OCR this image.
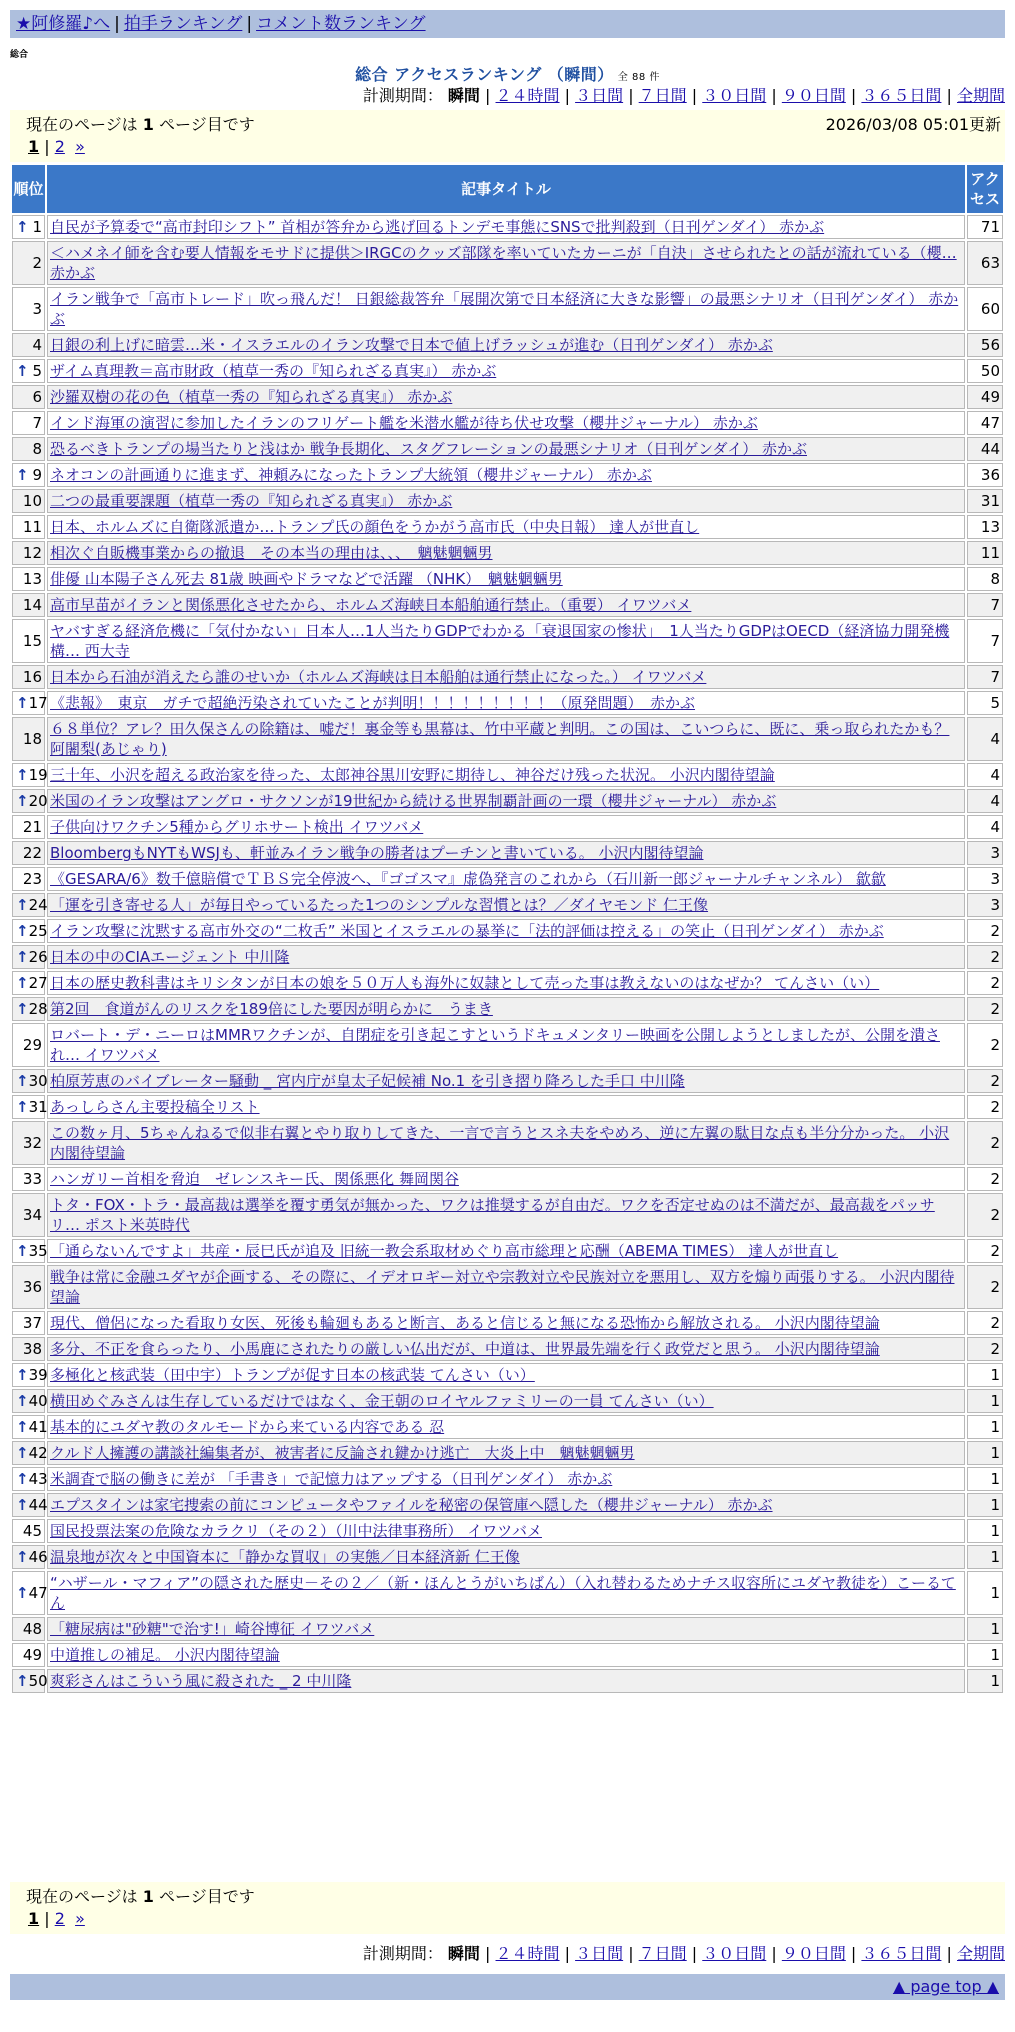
★阿修羅♪へ | 拍手ランキング | コメント数ランキング
総合
総合 アクセスランキング （瞬間） 全 88 件
計測期間： 瞬間 | ２４時間 | ３日間 | ７日間 | ３０日間 | ９０日間 | ３６５日間 | 全期間
現在のページは 1 ページ目です	2026/03/08 05:01更新
1 | 2 »
順位	記事タイトル	アクセス

↑ 1	自民が予算委で“高市封印シフト” 首相が答弁から逃げ回るトンデモ事態にSNSで批判殺到（日刊ゲンダイ） 赤かぶ	71
2	＜ハメネイ師を含む要人情報をモサドに提供＞IRGCのクッズ部隊を率いていたカーニが「自決」させられたとの話が流れている（櫻… 赤かぶ	63
3	イラン戦争で「高市トレード」吹っ飛んだ！ 日銀総裁答弁「展開次第で日本経済に大きな影響」の最悪シナリオ（日刊ゲンダイ） 赤かぶ	60
4	日銀の利上げに暗雲…米・イスラエルのイラン攻撃で日本で値上げラッシュが進む（日刊ゲンダイ） 赤かぶ	56

↑ 5	ザイム真理教＝高市財政（植草一秀の『知られざる真実』） 赤かぶ	50
6	沙羅双樹の花の色（植草一秀の『知られざる真実』） 赤かぶ	49
7	インド海軍の演習に参加したイランのフリゲート艦を米潜水艦が待ち伏せ攻撃（櫻井ジャーナル） 赤かぶ	47
8	恐るべきトランプの場当たりと浅はか 戦争長期化、スタグフレーションの最悪シナリオ（日刊ゲンダイ） 赤かぶ	44

↑ 9	ネオコンの計画通りに進まず、神頼みになったトランプ大統領（櫻井ジャーナル） 赤かぶ	36
10	二つの最重要課題（植草一秀の『知られざる真実』） 赤かぶ	31
11	日本、ホルムズに自衛隊派遣か…トランプ氏の顔色をうかがう高市氏（中央日報） 達人が世直し	13
12	相次ぐ自販機事業からの撤退　その本当の理由は、、、　魑魅魍魎男	11
13	俳優 山本陽子さん死去 81歳 映画やドラマなどで活躍 （NHK）　魑魅魍魎男	8
14	高市早苗がイランと関係悪化させたから、ホルムズ海峡日本船舶通行禁止。（重要） イワツバメ	7
15	ヤバすぎる経済危機に「気付かない」日本人…1人当たりGDPでわかる「衰退国家の惨状」　1人当たりGDPはOECD（経済協力開発機構… 西大寺	7
16	日本から石油が消えたら誰のせいか（ホルムズ海峡は日本船舶は通行禁止になった。） イワツバメ	7

↑ 17	《悲報》　東京　ガチで超絶汚染されていたことが判明！！！！！！！！！（原発問題）　赤かぶ	5
18	６８単位？アレ？田久保さんの除籍は、嘘だ！裏金等も黒幕は、竹中平蔵と判明。この国は、こいつらに、既に、乗っ取られたかも？ 阿闍梨(あじゃり)	4

↑ 19	三十年、小沢を超える政治家を待った、太郎神谷黒川安野に期待し、神谷だけ残った状況。 小沢内閣待望論	4

↑ 20	米国のイラン攻撃はアングロ・サクソンが19世紀から続ける世界制覇計画の一環（櫻井ジャーナル） 赤かぶ	4
21	子供向けワクチン5種からグリホサート検出 イワツバメ	4
22	BloombergもNYTもWSJも、軒並みイラン戦争の勝者はプーチンと書いている。 小沢内閣待望論	3
23	《GESARA/6》数千億賠償でＴＢＳ完全停波へ、『ゴゴスマ』虚偽発言のこれから（石川新一郎ジャーナルチャンネル） 歙歙	3

↑ 24	「運を引き寄せる人」が毎日やっているたった1つのシンプルな習慣とは？／ダイヤモンド 仁王像	3

↑ 25	イラン攻撃に沈黙する高市外交の“二枚舌” 米国とイスラエルの暴挙に「法的評価は控える」の笑止（日刊ゲンダイ） 赤かぶ	2

↑ 26	日本の中のCIAエージェント 中川隆	2

↑ 27	日本の歴史教科書はキリシタンが日本の娘を５０万人も海外に奴隷として売った事は教えないのはなぜか？ てんさい（い）	2

↑ 28	第2回　食道がんのリスクを189倍にした要因が明らかに　うまき	2
29	ロバート・デ・ニーロはMMRワクチンが、自閉症を引き起こすというドキュメンタリー映画を公開しようとしましたが、公開を潰され… イワツバメ	2

↑ 30	柏原芳恵のバイブレーター騒動 _ 宮内庁が皇太子妃候補 No.1 を引き摺り降ろした手口 中川隆	2

↑ 31	あっしらさん主要投稿全リスト	2
32	この数ヶ月、5ちゃんねるで似非右翼とやり取りしてきた、一言で言うとスネ夫をやめろ、逆に左翼の駄目な点も半分分かった。 小沢内閣待望論	2
33	ハンガリー首相を脅迫　ゼレンスキー氏、関係悪化 舞岡関谷	2
34	トタ・FOX・トラ・最高裁は選挙を覆す勇気が無かった、ワクは推奨するが自由だ。ワクを否定せぬのは不満だが、最高裁をパッサリ… ポスト米英時代	2

↑ 35	「通らないんですよ」共産・辰巳氏が追及 旧統一教会系取材めぐり高市総理と応酬（ABEMA TIMES） 達人が世直し	2
36	戦争は常に金融ユダヤが企画する、その際に、イデオロギー対立や宗教対立や民族対立を悪用し、双方を煽り両張りする。 小沢内閣待望論	2
37	現代、僧侶になった看取り女医、死後も輪廻もあると断言、あると信じると無になる恐怖から解放される。 小沢内閣待望論	2
38	多分、不正を食らったり、小馬鹿にされたりの厳しい仏出だが、中道は、世界最先端を行く政党だと思う。 小沢内閣待望論	2

↑ 39	多極化と核武装（田中宇）トランプが促す日本の核武装 てんさい（い）	1

↑ 40	横田めぐみさんは生存しているだけではなく、金王朝のロイヤルファミリーの一員 てんさい（い）	1

↑ 41	基本的にユダヤ教のタルモードから来ている内容である 忍	1

↑ 42	クルド人擁護の講談社編集者が、被害者に反論され鍵かけ逃亡　大炎上中　魑魅魍魎男	1

↑ 43	米調査で脳の働きに差が 「手書き」で記憶力はアップする（日刊ゲンダイ） 赤かぶ	1

↑ 44	エプスタインは家宅捜索の前にコンピュータやファイルを秘密の保管庫へ隠した（櫻井ジャーナル） 赤かぶ	1
45	国民投票法案の危険なカラクリ（その２）（川中法律事務所） イワツバメ	1

↑ 46	温泉地が次々と中国資本に「静かな買収」の実態／日本経済新 仁王像	1

↑ 47	“ハザール・マフィア”の隠された歴史－その２／（新・ほんとうがいちばん）（入れ替わるためナチス収容所にユダヤ教徒を）こーるてん	1
48	「糖尿病は"砂糖"で治す!」崎谷博征 イワツバメ	1
49	中道推しの補足。 小沢内閣待望論	1

↑ 50	爽彩さんはこういう風に殺された _ 2 中川隆	1
現在のページは 1 ページ目です
1 | 2 »
計測期間： 瞬間 | ２４時間 | ３日間 | ７日間 | ３０日間 | ９０日間 | ３６５日間 | 全期間
▲ page top ▲
